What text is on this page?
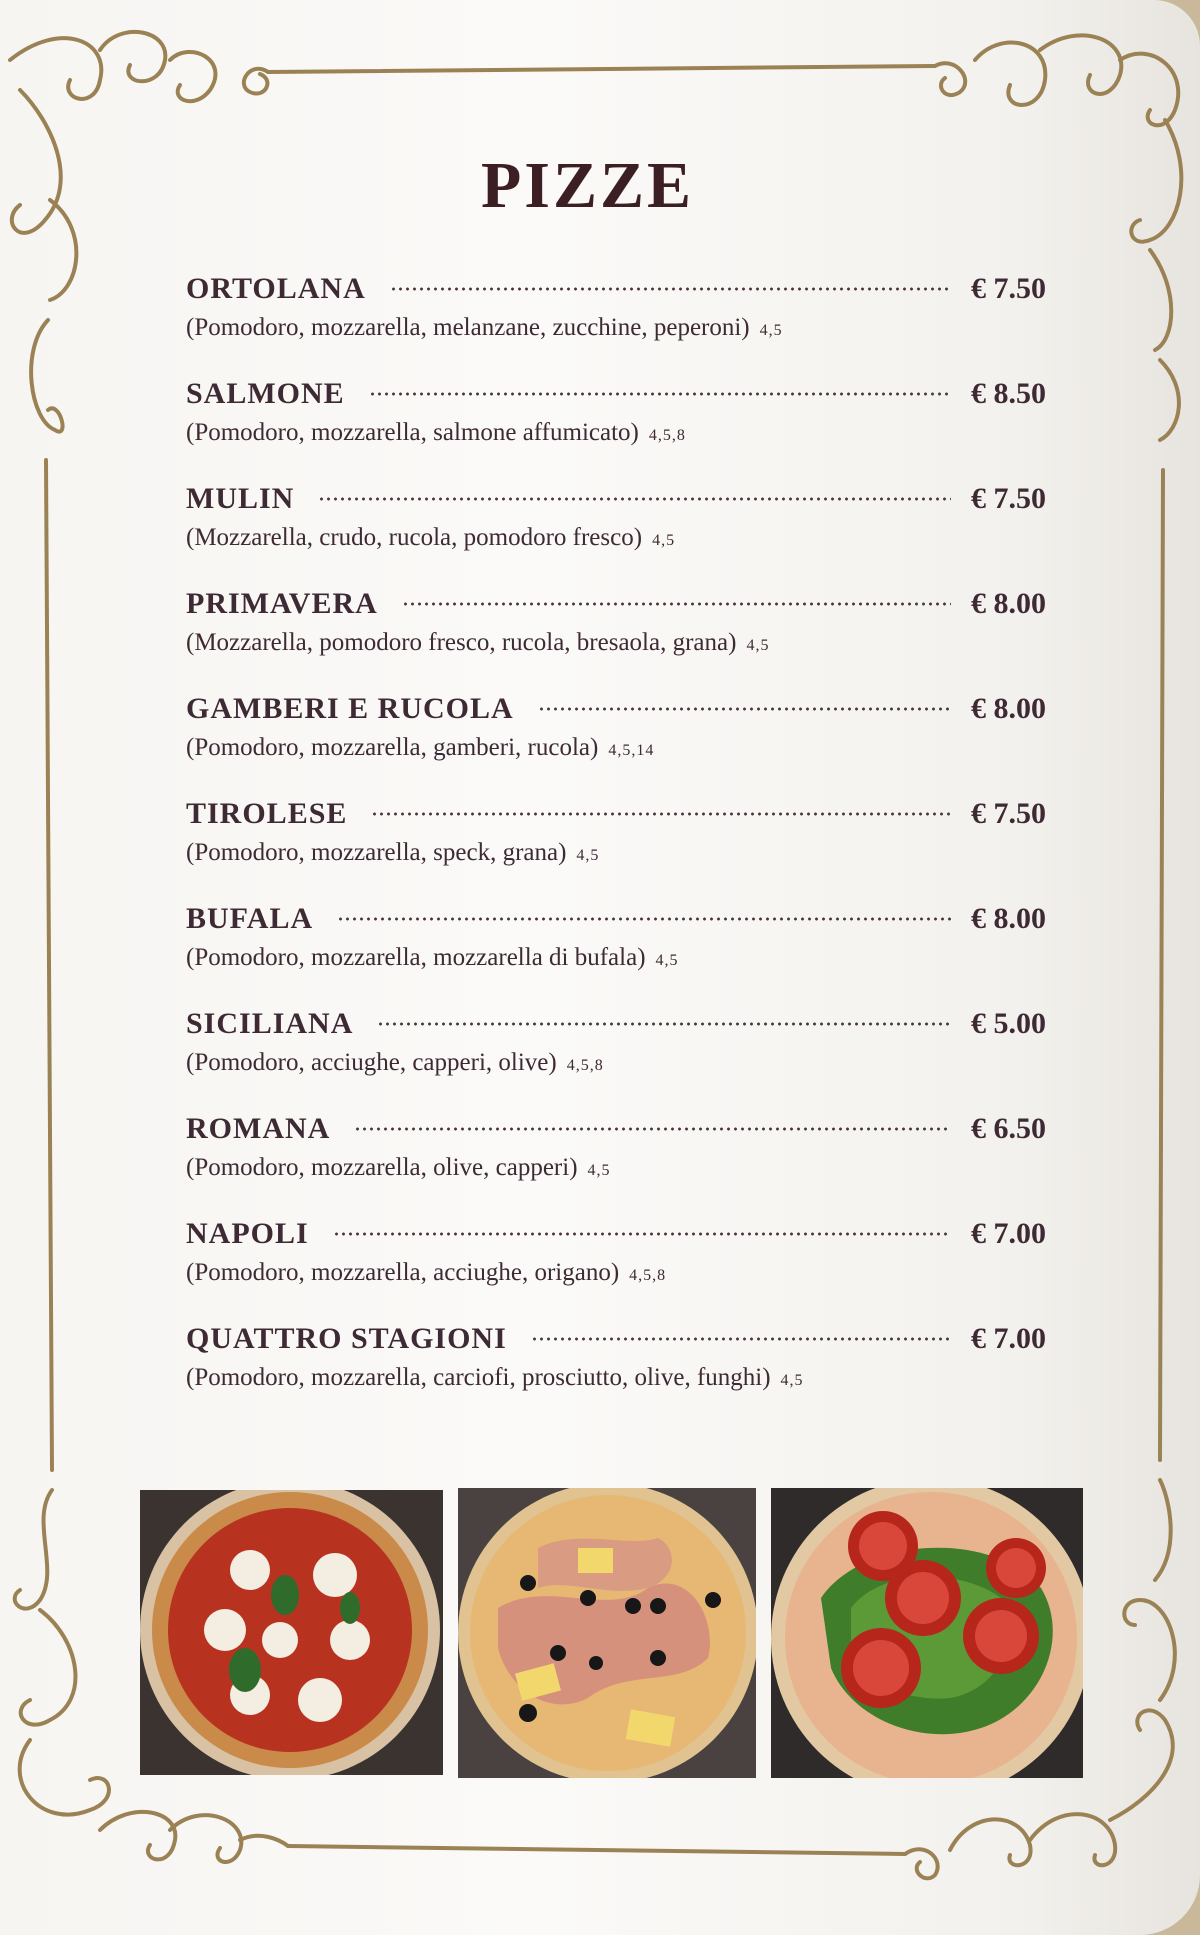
PIZZE
ORTOLANA	€ 7.50
(Pomodoro, mozzarella, melanzane, zucchine, peperoni) 4,5
SALMONE	€ 8.50
(Pomodoro, mozzarella, salmone affumicato) 4,5,8
MULIN	€ 7.50
(Mozzarella, crudo, rucola, pomodoro fresco) 4,5
PRIMAVERA	€ 8.00
(Mozzarella, pomodoro fresco, rucola, bresaola, grana) 4,5
GAMBERI E RUCOLA	€ 8.00
(Pomodoro, mozzarella, gamberi, rucola) 4,5,14
TIROLESE	€ 7.50
(Pomodoro, mozzarella, speck, grana) 4,5
BUFALA	€ 8.00
(Pomodoro, mozzarella, mozzarella di bufala) 4,5
SICILIANA	€ 5.00
(Pomodoro, acciughe, capperi, olive) 4,5,8
ROMANA	€ 6.50
(Pomodoro, mozzarella, olive, capperi) 4,5
NAPOLI	€ 7.00
(Pomodoro, mozzarella, acciughe, origano) 4,5,8
QUATTRO STAGIONI	€ 7.00
(Pomodoro, mozzarella, carciofi, prosciutto, olive, funghi) 4,5
